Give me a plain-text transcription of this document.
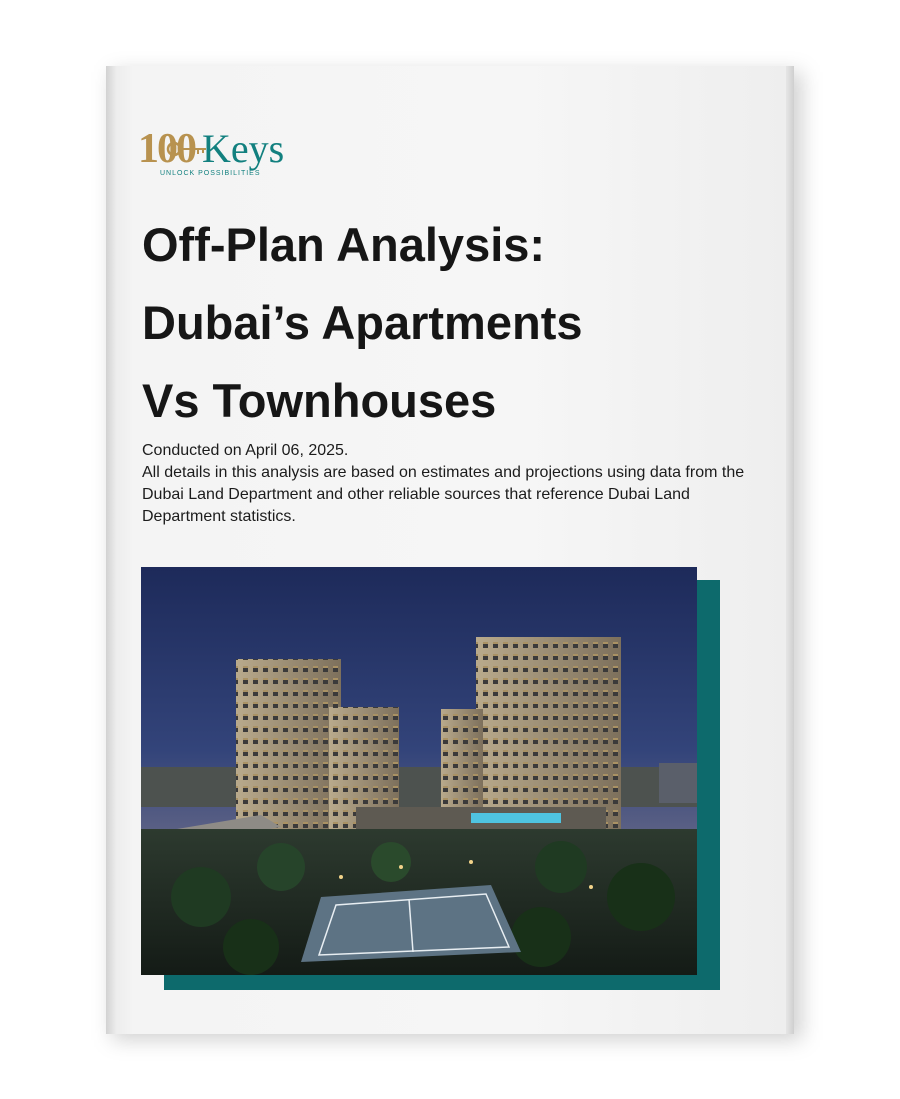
100 Keys
UNLOCK POSSIBILITIES
Off-Plan Analysis:
Dubai’s Apartments
Vs Townhouses

Conducted on April 06, 2025.

All details in this analysis are based on estimates and projections using data from the Dubai Land Department and other reliable sources that reference Dubai Land Department statistics.
